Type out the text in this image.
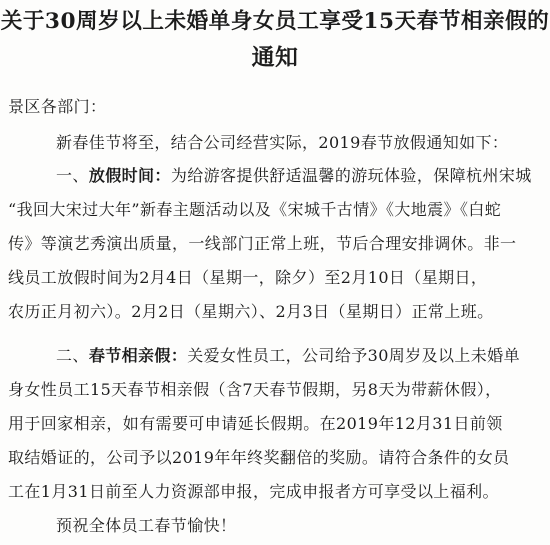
关于30周岁以上未婚单身女员工享受15天春节相亲假的
通知
景区各部门：
新春佳节将至，结合公司经营实际，2019春节放假通知如下：
一、放假时间：为给游客提供舒适温馨的游玩体验，保障杭州宋城
“我回大宋过大年”新春主题活动以及《宋城千古情》《大地震》《白蛇
传》等演艺秀演出质量，一线部门正常上班，节后合理安排调休。非一
线员工放假时间为2月4日（星期一，除夕）至2月10日（星期日，
农历正月初六）。2月2日（星期六）、2月3日（星期日）正常上班。
二、春节相亲假：关爱女性员工，公司给予30周岁及以上未婚单
身女性员工15天春节相亲假（含7天春节假期，另8天为带薪休假），
用于回家相亲，如有需要可申请延长假期。在2019年12月31日前领
取结婚证的，公司予以2019年年终奖翻倍的奖励。请符合条件的女员
工在1月31日前至人力资源部申报，完成申报者方可享受以上福利。
预祝全体员工春节愉快！
